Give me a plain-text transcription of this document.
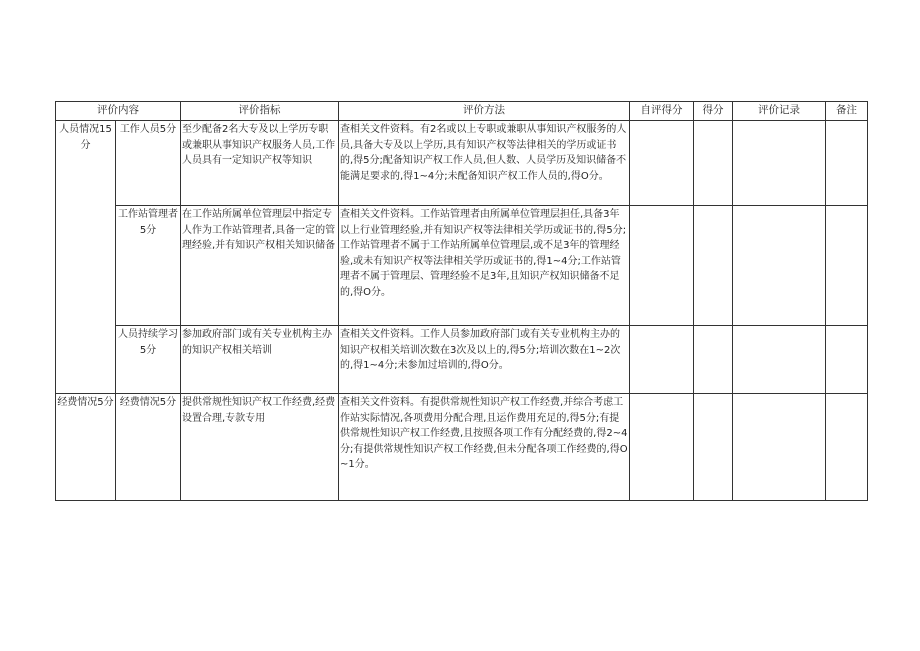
评价内容		评价指标	评价方法	自评得分	得分	评价记录	备注
人员情况15分	工作人员5分	至少配备2名大专及以上学历专职或兼职从事知识产权服务人员,工作人员具有一定知识产权等知识	查相关文件资料。有2名或以上专职或兼职从事知识产权服务的人员,具备大专及以上学历,具有知识产权等法律相关的学历或证书的,得5分;配备知识产权工作人员,但人数、人员学历及知识储备不能满足要求的,得1~4分;未配备知识产权工作人员的,得O分。				
	工作站管理者5分	在工作站所属单位管理层中指定专人作为工作站管理者,具备一定的管理经验,并有知识产权相关知识储备	查相关文件资料。工作站管理者由所属单位管理层担任,具备3年以上行业管理经验,并有知识产权等法律相关学历或证书的,得5分;工作站管理者不属于工作站所属单位管理层,或不足3年的管理经验,或未有知识产权等法律相关学历或证书的,得1~4分;工作站管理者不属于管理层、管理经验不足3年,且知识产权知识储备不足的,得O分。				
	人员持续学习5分	参加政府部门或有关专业机构主办的知识产权相关培训	查相关文件资料。工作人员参加政府部门或有关专业机构主办的知识产权相关培训次数在3次及以上的,得5分;培训次数在1~2次的,得1~4分;未参加过培训的,得O分。				
经费情况5分	经费情况5分	提供常规性知识产权工作经费,经费设置合理,专款专用	查相关文件资料。有提供常规性知识产权工作经费,并综合考虑工作站实际情况,各项费用分配合理,且运作费用充足的,得5分;有提供常规性知识产权工作经费,且按照各项工作有分配经费的,得2~4分;有提供常规性知识产权工作经费,但未分配各项工作经费的,得O~1分。				
